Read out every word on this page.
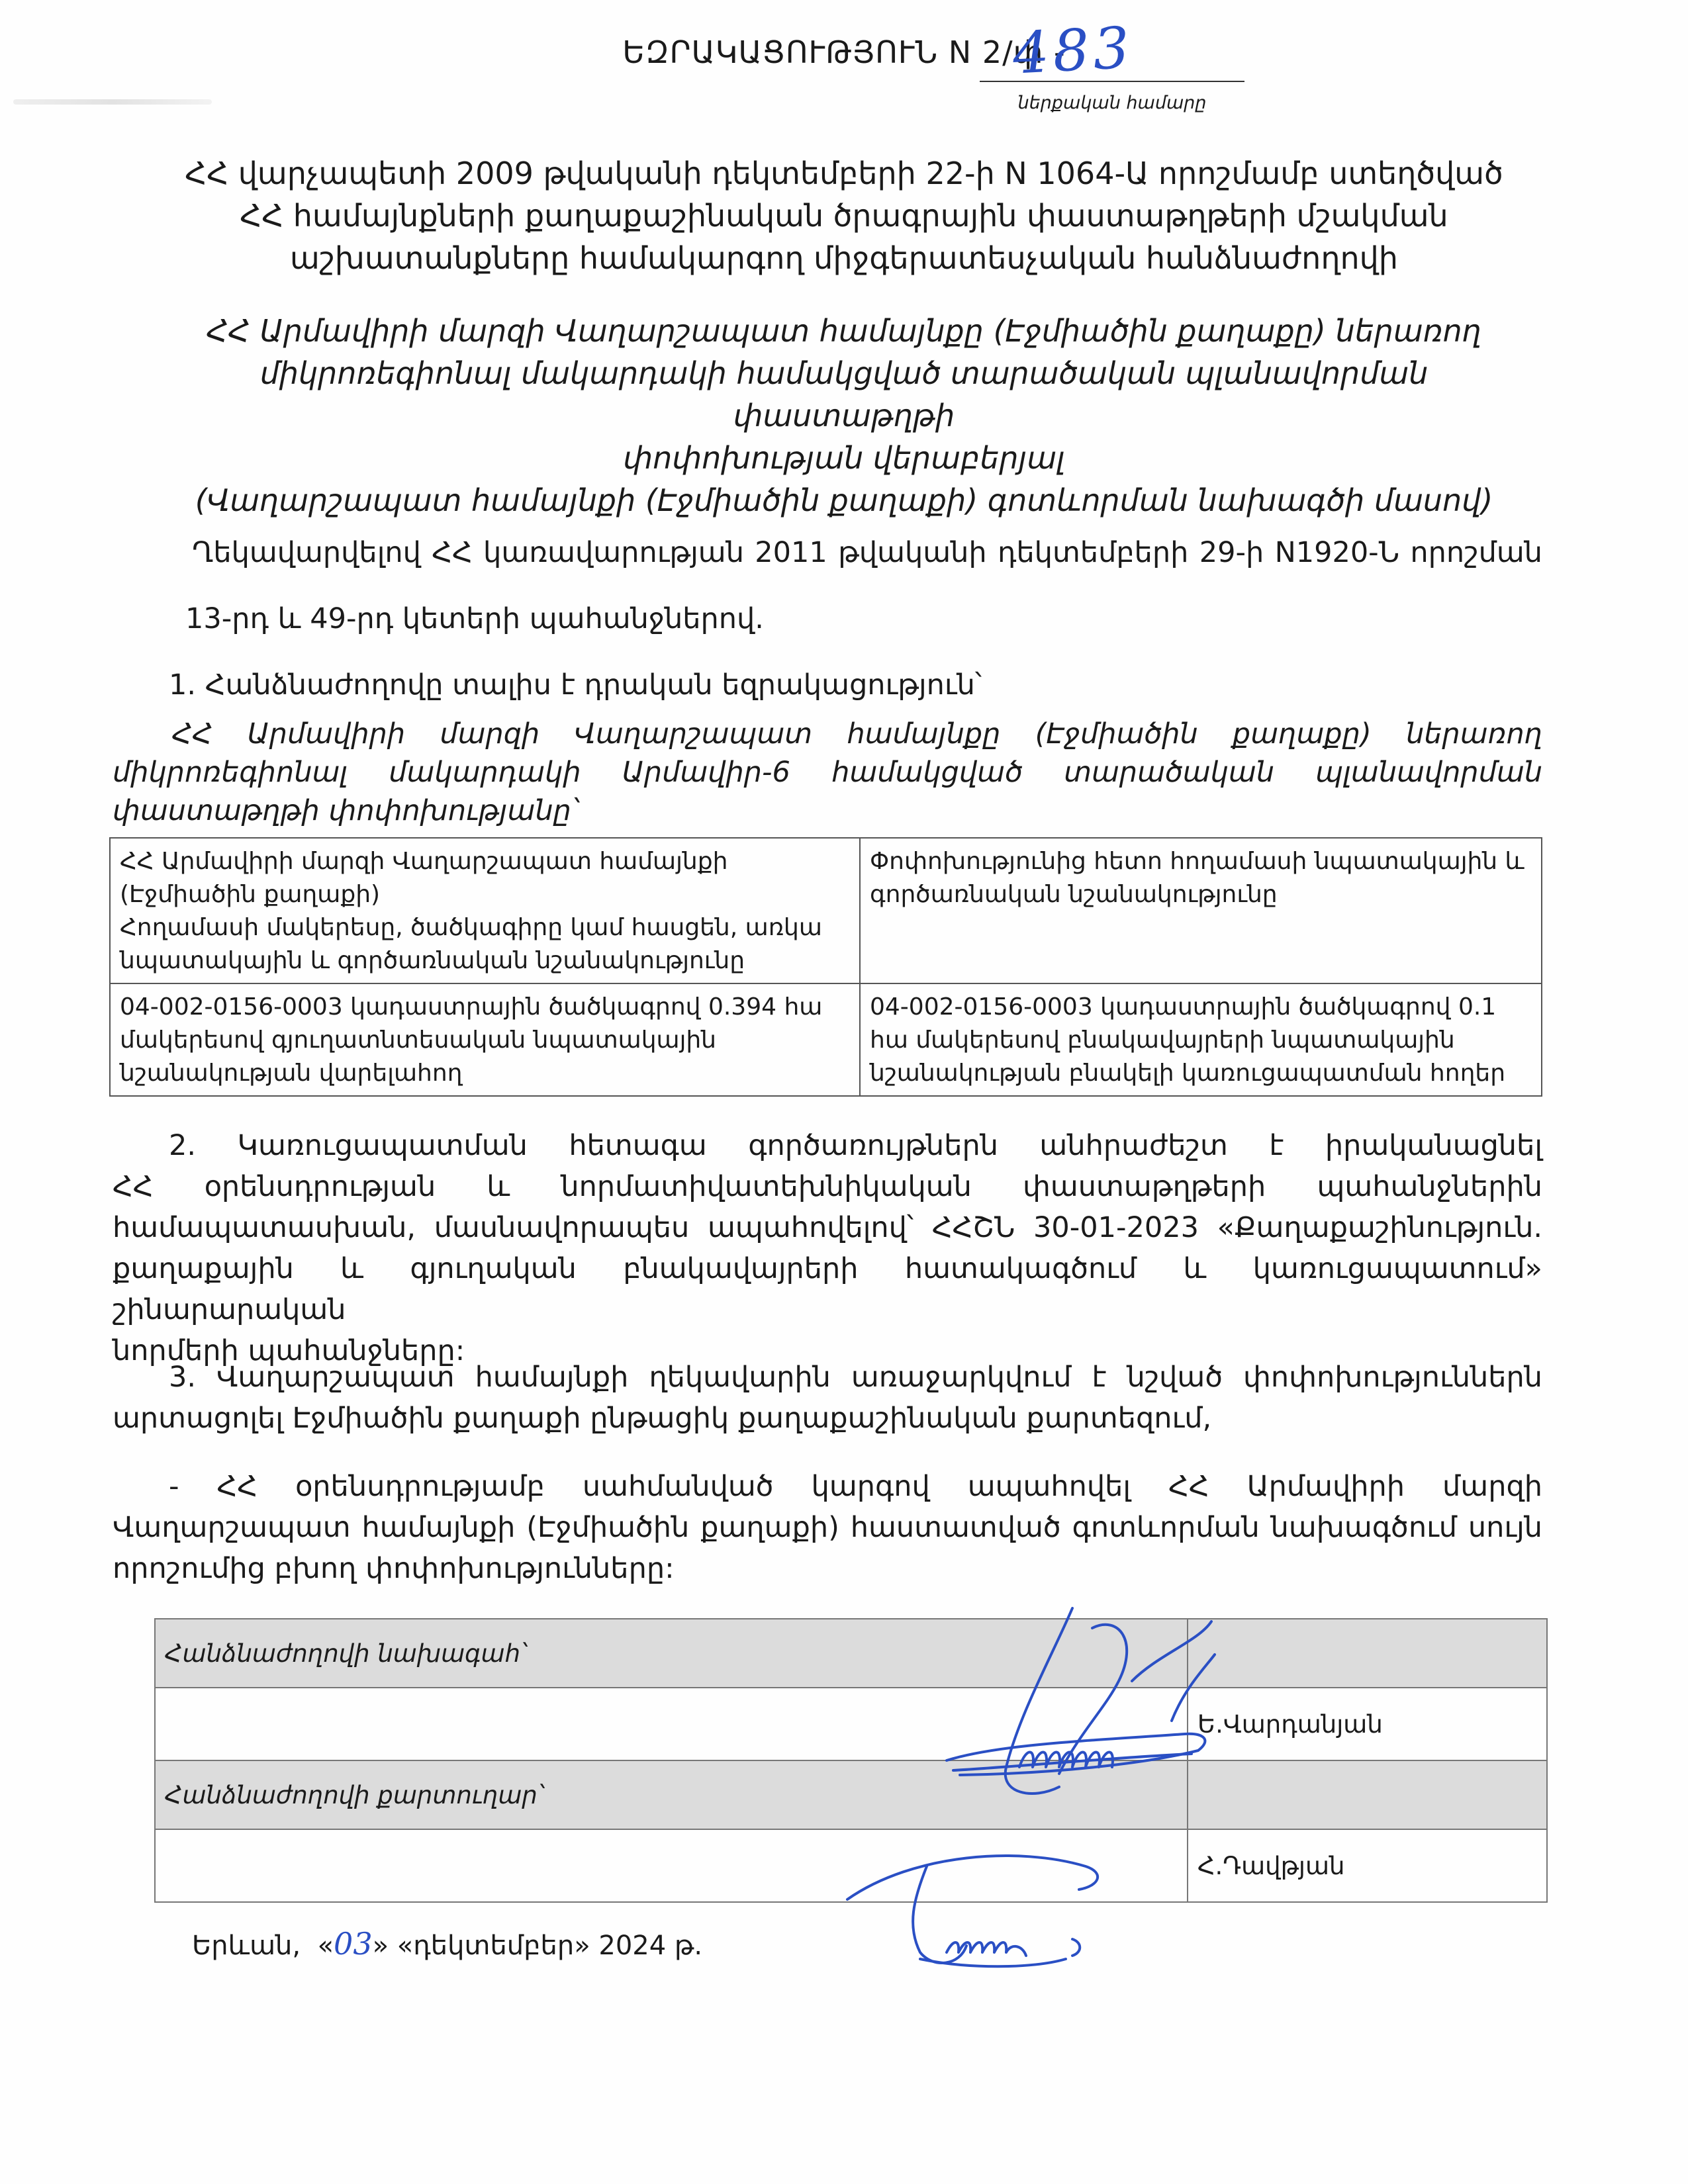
ԵԶՐԱԿԱՑՈՒԹՅՈՒՆ N 2/փ -
483
ներքական համարը
ՀՀ վարչապետի 2009 թվականի դեկտեմբերի 22-ի N 1064-Ա որոշմամբ ստեղծված
ՀՀ համայնքների քաղաքաշինական ծրագրային փաստաթղթերի մշակման
աշխատանքները համակարգող միջգերատեսչական հանձնաժողովի
ՀՀ Արմավիրի մարզի Վաղարշապատ համայնքը (Էջմիածին քաղաքը) ներառող
միկրոռեգիոնալ մակարդակի համակցված տարածական պլանավորման փաստաթղթի
փոփոխության վերաբերյալ
(Վաղարշապատ համայնքի (Էջմիածին քաղաքի) գոտևորման նախագծի մասով)
Ղեկավարվելով ՀՀ կառավարության 2011 թվականի դեկտեմբերի 29-ի N1920-Ն որոշման
13-րդ և 49-րդ կետերի պահանջներով.
1. Հանձնաժողովը տալիս է դրական եզրակացություն՝
ՀՀ Արմավիրի մարզի Վաղարշապատ համայնքը (Էջմիածին քաղաքը) ներառող
միկրոռեգիոնալ մակարդակի Արմավիր-6 համակցված տարածական պլանավորման
փաստաթղթի փոփոխությանը՝
ՀՀ Արմավիրի մարզի Վաղարշապատ համայնքի (Էջմիածին քաղաքի)
Հողամասի մակերեսը, ծածկագիրը կամ հասցեն, առկա նպատակային և գործառնական նշանակությունը	Փոփոխությունից հետո հողամասի նպատակային և գործառնական նշանակությունը
04-002-0156-0003 կադաստրային ծածկագրով 0.394 հա մակերեսով գյուղատնտեսական նպատակային նշանակության վարելահող	04-002-0156-0003 կադաստրային ծածկագրով 0.1 հա մակերեսով բնակավայրերի նպատակային նշանակության բնակելի կառուցապատման հողեր
2. Կառուցապատման հետագա գործառույթներն անհրաժեշտ է իրականացնել
ՀՀ օրենսդրության և նորմատիվատեխնիկական փաստաթղթերի պահանջներին
համապատասխան, մասնավորապես ապահովելով՝ ՀՀՇՆ 30-01-2023 «Քաղաքաշինություն.
քաղաքային և գյուղական բնակավայրերի հատակագծում և կառուցապատում» շինարարական
նորմերի պահանջները:
3. Վաղարշապատ համայնքի ղեկավարին առաջարկվում է նշված փոփոխություններն
արտացոլել Էջմիածին քաղաքի ընթացիկ քաղաքաշինական քարտեզում,
- ՀՀ օրենսդրությամբ սահմանված կարգով ապահովել ՀՀ Արմավիրի մարզի
Վաղարշապատ համայնքի (Էջմիածին քաղաքի) հաստատված գոտևորման նախագծում սույն
որոշումից բխող փոփոխությունները:
Հանձնաժողովի նախագահ՝	
	Ե.Վարդանյան
Հանձնաժողովի քարտուղար՝	
	Հ.Դավթյան
Երևան, «03» «դեկտեմբեր» 2024 թ.
